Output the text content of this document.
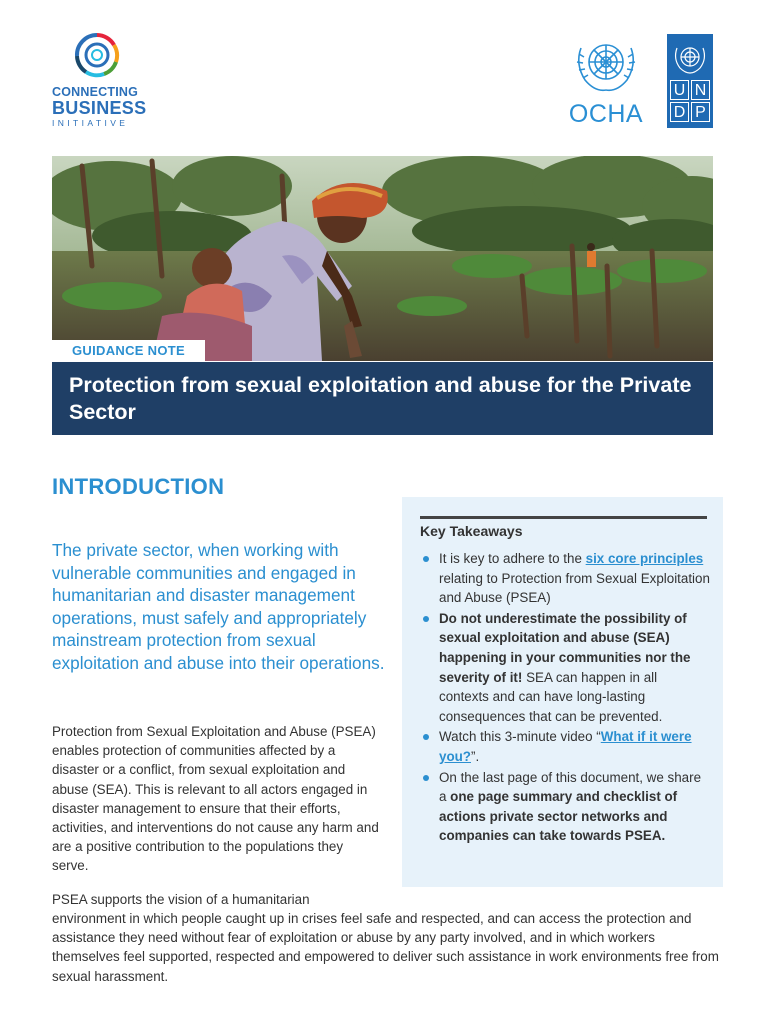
CONNECTING
BUSINESS
INITIATIVE	OCHA
U N
D P
GUIDANCE NOTE
Protection from sexual exploitation and abuse for the Private Sector
INTRODUCTION
The private sector, when working with vulnerable communities and engaged in humanitarian and disaster management operations, must safely and appropriately mainstream protection from sexual exploitation and abuse into their operations.
Protection from Sexual Exploitation and Abuse (PSEA) enables protection of communities affected by a disaster or a conflict, from sexual exploitation and abuse (SEA). This is relevant to all actors engaged in disaster management to ensure that their efforts, activities, and interventions do not cause any harm and are a positive contribution to the populations they serve.
PSEA supports the vision of a humanitarian
environment in which people caught up in crises feel safe and respected, and can access the protection and assistance they need without fear of exploitation or abuse by any party involved, and in which workers themselves feel supported, respected and empowered to deliver such assistance in work environments free from sexual harassment.
Key Takeaways
It is key to adhere to the six core principles relating to Protection from Sexual Exploitation and Abuse (PSEA)
Do not underestimate the possibility of sexual exploitation and abuse (SEA) happening in your communities nor the severity of it! SEA can happen in all contexts and can have long-lasting consequences that can be prevented.
Watch this 3-minute video “What if it were you?”.
On the last page of this document, we share a one page summary and checklist of actions private sector networks and companies can take towards PSEA.
